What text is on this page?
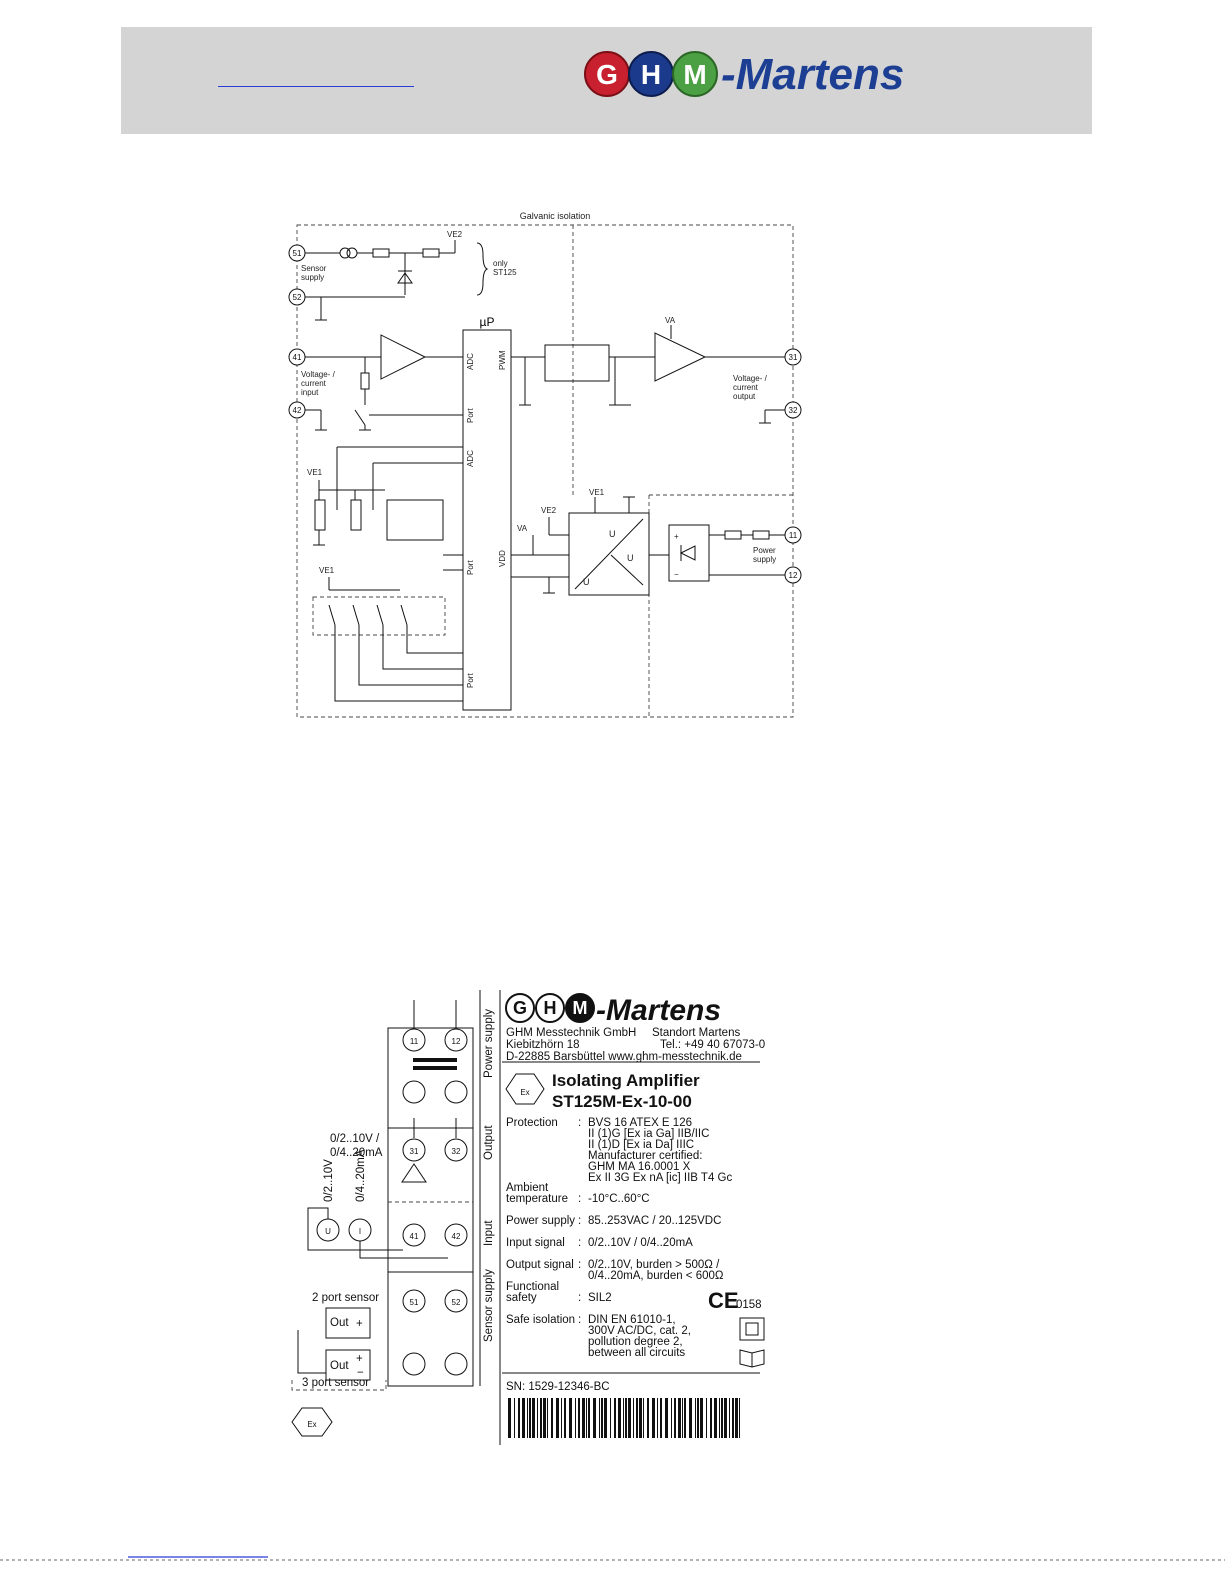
G H M -Martens
Galvanic isolation
µP
ADC
Port
ADC
Port
Port
PWM
VDD
51
52
41
42
31
32
11
12
VE2
Sensor
supply
only
ST125
Voltage- /
current
input
VA
Voltage- /
current
output
VE1
VE1
VA
VE2
U
U
U
VE1
+
−
Power
supply
Power supply
Output
Input
Sensor supply
11	12
31	32
41	42
51	52
0/2..10V /
0/4..20mA
0/2..10V 0/4..20mA
U	I
2 port sensor
Out +
Out
+
−
3 port sensor
Ex
G H M -Martens
GHM Messtechnik GmbH Standort Martens
Kiebitzhörn 18	Tel.: +49 40 67073-0
D-22885 Barsbüttel www.ghm-messtechnik.de
Ex
Isolating Amplifier
ST125M-Ex-10-00
Protection : BVS 16 ATEX E 126
II (1)G [Ex ia Ga] IIB/IIC
II (1)D [Ex ia Da] IIIC
Manufacturer certified:
GHM MA 16.0001 X
Ex II 3G Ex nA [ic] IIB T4 Gc
Ambient
temperature : -10°C..60°C
Power supply : 85..253VAC / 20..125VDC
Input signal : 0/2..10V / 0/4..20mA
Output signal : 0/2..10V, burden > 500Ω /
0/4..20mA, burden < 600Ω
Functional
safety	: SIL2	CE
0158
Safe isolation : DIN EN 61010-1,
300V AC/DC, cat. 2,
pollution degree 2,
between all circuits
SN: 1529-12346-BC
